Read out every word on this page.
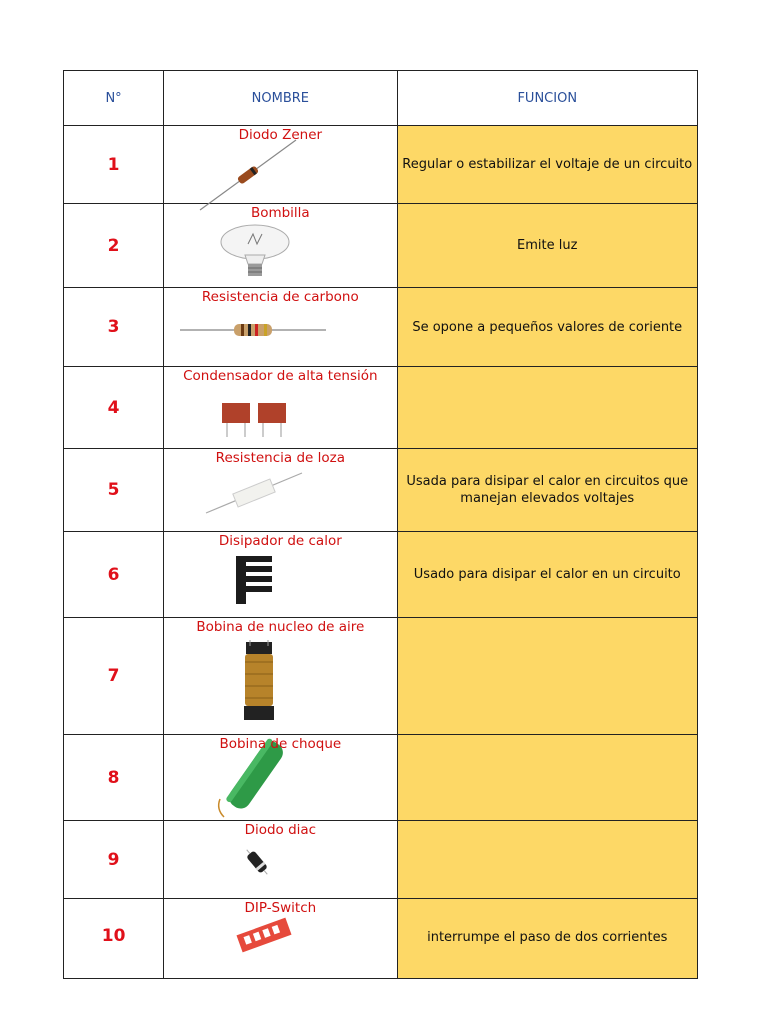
N°	NOMBRE	FUNCION
1	Diodo Zener	Regular o estabilizar el voltaje de un circuito
2	Bombilla	Emite luz
3	Resistencia de carbono	Se opone a pequeños valores de coriente
4	Condensador de alta tensión	

5	Resistencia de loza	Usada para disipar el calor en circuitos que manejan elevados voltajes
6	Disipador de calor	Usado para disipar el calor en un circuito
7	Bobina de nucleo de aire	

8	Bobina de choque	

9	Diodo diac	

10	DIP-Switch	interrumpe el paso de dos corrientes
